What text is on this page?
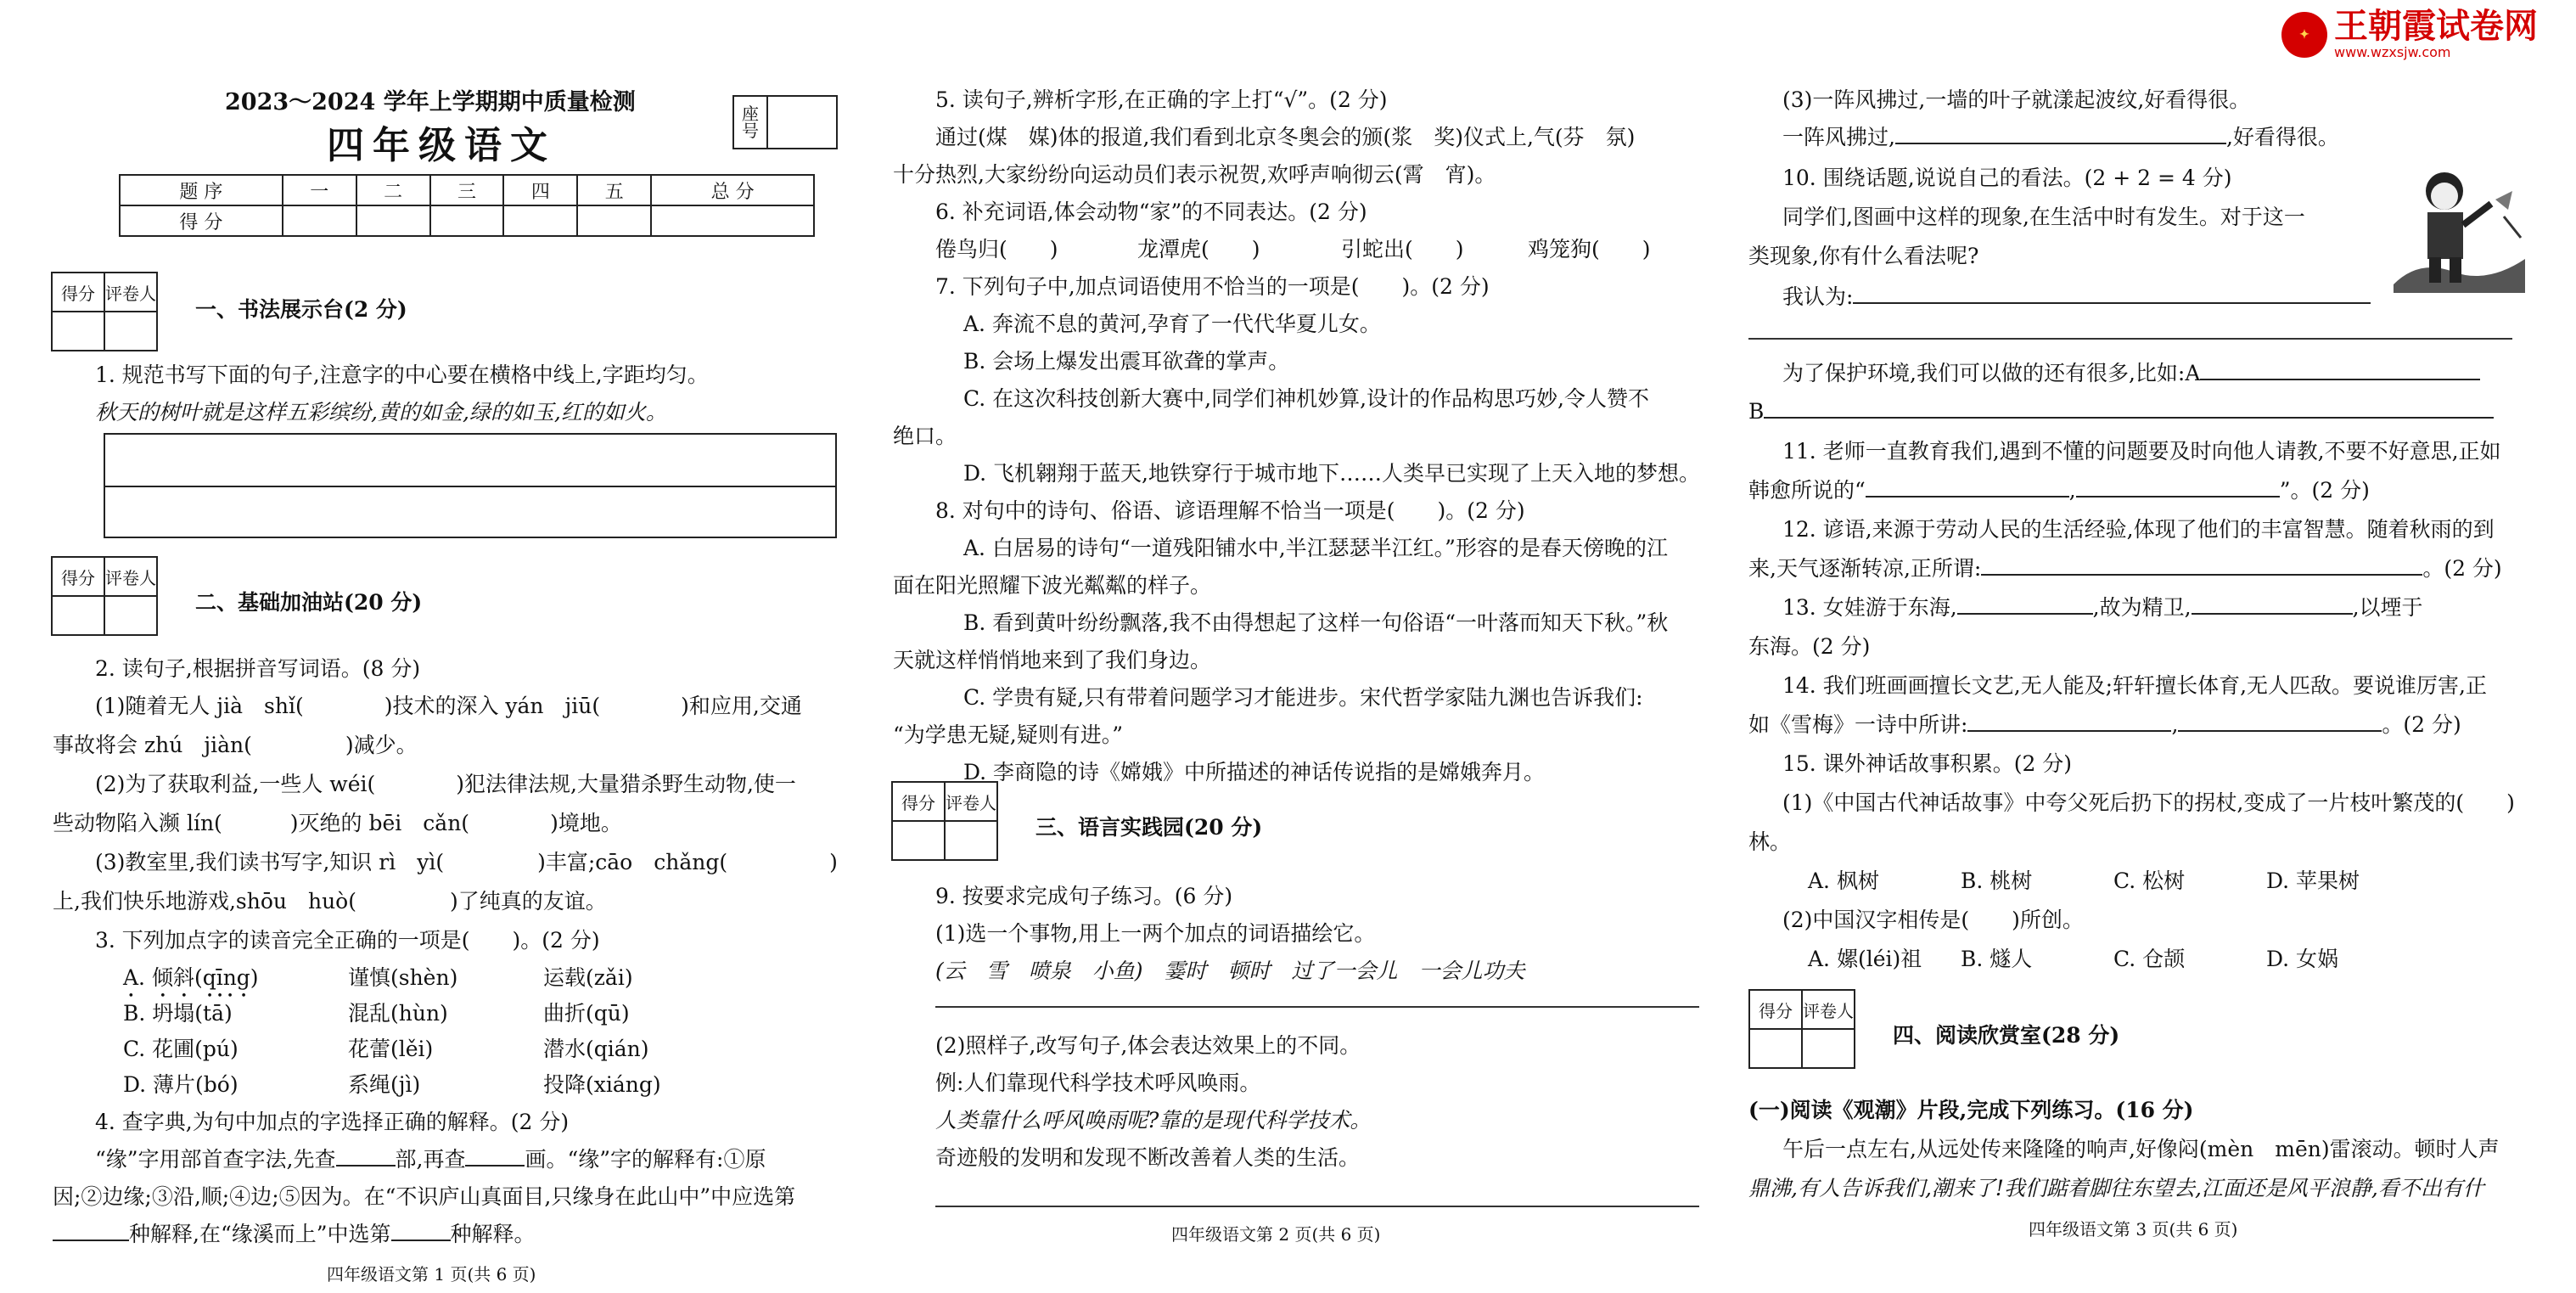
2023～2024 学年上学期期中质量检测
四年级语文
座号	
题 序	一	二	三	四	五	总 分
得 分						
得分	评卷人

一、书法展示台(2 分)
1. 规范书写下面的句子,注意字的中心要在横格中线上,字距均匀。
秋天的树叶就是这样五彩缤纷,黄的如金,绿的如玉,红的如火。
得分	评卷人

二、基础加油站(20 分)
2. 读句子,根据拼音写词语。(8 分)
(1)随着无人 jià　shǐ(	)技术的深入 yán　jiū(	)和应用,交通
事故将会 zhú　jiàn(	)减少。
(2)为了获取利益,一些人 wéi(	)犯法律法规,大量猎杀野生动物,使一
些动物陷入濒 lín(	)灭绝的 bēi　cǎn(	)境地。
(3)教室里,我们读书写字,知识 rì　yì(	)丰富;cāo　chǎng(	)
上,我们快乐地游戏,shōu　huò(	)了纯真的友谊。
3. 下列加点字的读音完全正确的一项是(　　)。(2 分)
A. 倾斜(qīng)	谨慎(shèn)	运载(zǎi)
B. 坍塌(tā)	混乱(hùn)	曲折(qū)
C. 花圃(pú)	花蕾(lěi)	潜水(qián)
D. 薄片(bó)	系绳(jì)	投降(xiáng)
4. 查字典,为句中加点的字选择正确的解释。(2 分)
“缘”字用部首查字法,先查	部,再查	画。“缘”字的解释有:①原
因;②边缘;③沿,顺;④边;⑤因为。在“不识庐山真面目,只缘身在此山中”中应选第
种解释,在“缘溪而上”中选第	种解释。
四年级语文第 1 页(共 6 页)
5. 读句子,辨析字形,在正确的字上打“√”。(2 分)
通过(煤　媒)体的报道,我们看到北京冬奥会的颁(浆　奖)仪式上,气(芬　氛)
十分热烈,大家纷纷向运动员们表示祝贺,欢呼声响彻云(霄　宵)。
6. 补充词语,体会动物“家”的不同表达。(2 分)
倦鸟归(　　)	龙潭虎(　　)	引蛇出(　　)	鸡笼狗(　　)
7. 下列句子中,加点词语使用不恰当的一项是(　　)。(2 分)
A. 奔流不息的黄河,孕育了一代代华夏儿女。
B. 会场上爆发出震耳欲聋的掌声。
C. 在这次科技创新大赛中,同学们神机妙算,设计的作品构思巧妙,令人赞不
绝口。
D. 飞机翱翔于蓝天,地铁穿行于城市地下……人类早已实现了上天入地的梦想。
8. 对句中的诗句、俗语、谚语理解不恰当一项是(　　)。(2 分)
A. 白居易的诗句“一道残阳铺水中,半江瑟瑟半江红。”形容的是春天傍晚的江
面在阳光照耀下波光粼粼的样子。
B. 看到黄叶纷纷飘落,我不由得想起了这样一句俗语“一叶落而知天下秋。”秋
天就这样悄悄地来到了我们身边。
C. 学贵有疑,只有带着问题学习才能进步。宋代哲学家陆九渊也告诉我们:
“为学患无疑,疑则有进。”
D. 李商隐的诗《嫦娥》中所描述的神话传说指的是嫦娥奔月。
得分	评卷人

三、语言实践园(20 分)
9. 按要求完成句子练习。(6 分)
(1)选一个事物,用上一两个加点的词语描绘它。
(云　雪　喷泉　小鱼)　霎时　顿时　过了一会儿　一会儿功夫
(2)照样子,改写句子,体会表达效果上的不同。
例:人们靠现代科学技术呼风唤雨。
人类靠什么呼风唤雨呢?靠的是现代科学技术。
奇迹般的发明和发现不断改善着人类的生活。
四年级语文第 2 页(共 6 页)
✦ 王朝霞试卷网
www.wzxsjw.com
(3)一阵风拂过,一墙的叶子就漾起波纹,好看得很。
一阵风拂过,	,好看得很。
10. 围绕话题,说说自己的看法。(2 + 2 = 4 分)
同学们,图画中这样的现象,在生活中时有发生。对于这一
类现象,你有什么看法呢?
我认为:
为了保护环境,我们可以做的还有很多,比如:A
B
11. 老师一直教育我们,遇到不懂的问题要及时向他人请教,不要不好意思,正如
韩愈所说的“	,	”。(2 分)
12. 谚语,来源于劳动人民的生活经验,体现了他们的丰富智慧。随着秋雨的到
来,天气逐渐转凉,正所谓:	。(2 分)
13. 女娃游于东海,	,故为精卫,	,以堙于
东海。(2 分)
14. 我们班画画擅长文艺,无人能及;轩轩擅长体育,无人匹敌。要说谁厉害,正
如《雪梅》一诗中所讲:	,	。(2 分)
15. 课外神话故事积累。(2 分)
(1)《中国古代神话故事》中夸父死后扔下的拐杖,变成了一片枝叶繁茂的(　　)
林。
A. 枫树	B. 桃树	C. 松树	D. 苹果树
(2)中国汉字相传是(　　)所创。
A. 嫘(léi)祖 B. 燧人	C. 仓颉	D. 女娲
得分	评卷人

四、阅读欣赏室(28 分)
(一)阅读《观潮》片段,完成下列练习。(16 分)
午后一点左右,从远处传来隆隆的响声,好像闷(mèn　mēn)雷滚动。顿时人声
鼎沸,有人告诉我们,潮来了!我们踮着脚往东望去,江面还是风平浪静,看不出有什
四年级语文第 3 页(共 6 页)
